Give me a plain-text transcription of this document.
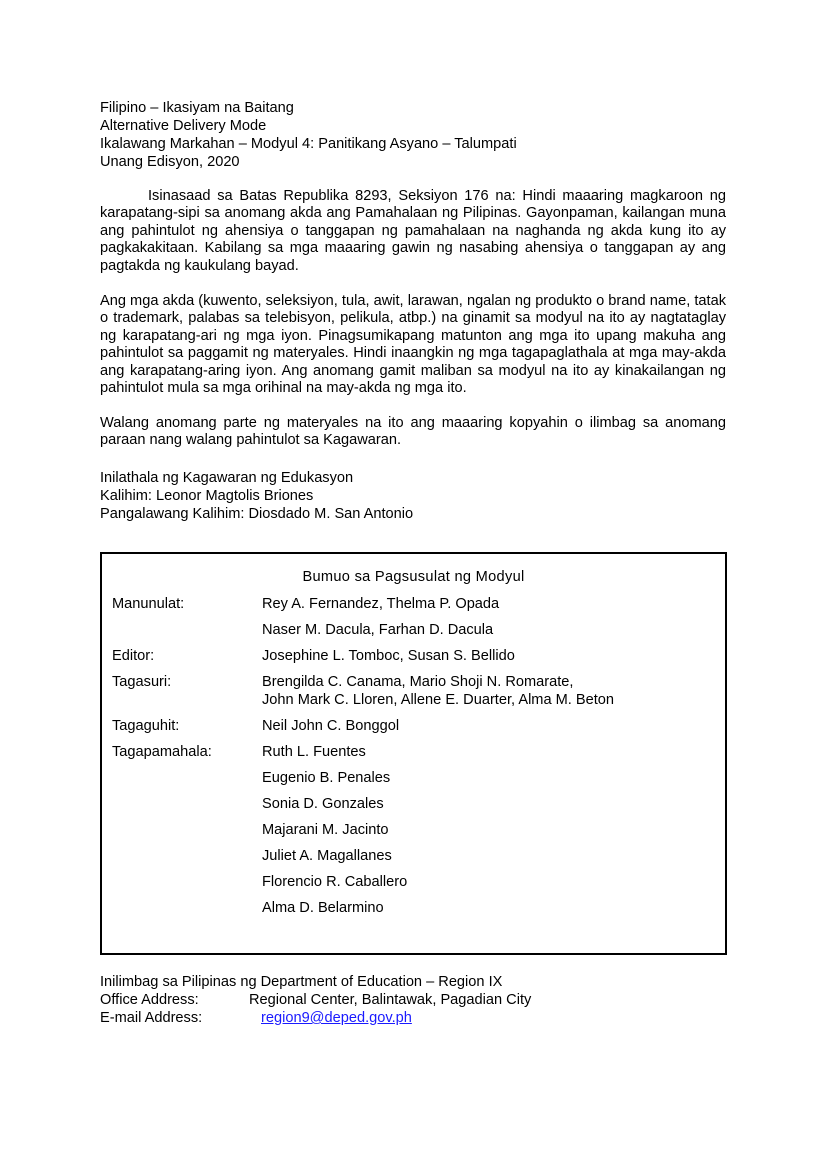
Filipino – Ikasiyam na Baitang
Alternative Delivery Mode
Ikalawang Markahan – Modyul 4: Panitikang Asyano – Talumpati
Unang Edisyon, 2020

Isinasaad sa Batas Republika 8293, Seksiyon 176 na: Hindi maaaring magkaroon ng karapatang-sipi sa anomang akda ang Pamahalaan ng Pilipinas. Gayonpaman, kailangan muna ang pahintulot ng ahensiya o tanggapan ng pamahalaan na naghanda ng akda kung ito ay pagkakakitaan. Kabilang sa mga maaaring gawin ng nasabing ahensiya o tanggapan ay ang pagtakda ng kaukulang bayad.

Ang mga akda (kuwento, seleksiyon, tula, awit, larawan, ngalan ng produkto o brand name, tatak o trademark, palabas sa telebisyon, pelikula, atbp.) na ginamit sa modyul na ito ay nagtataglay ng karapatang-ari ng mga iyon. Pinagsumikapang matunton ang mga ito upang makuha ang pahintulot sa paggamit ng materyales. Hindi inaangkin ng mga tagapaglathala at mga may-akda ang karapatang-aring iyon. Ang anomang gamit maliban sa modyul na ito ay kinakailangan ng pahintulot mula sa mga orihinal na may-akda ng mga ito.

Walang anomang parte ng materyales na ito ang maaaring kopyahin o ilimbag sa anomang paraan nang walang pahintulot sa Kagawaran.

Inilathala ng Kagawaran ng Edukasyon
Kalihim: Leonor Magtolis Briones
Pangalawang Kalihim: Diosdado M. San Antonio
Bumuo sa Pagsusulat ng Modyul
Manunulat:	Rey A. Fernandez, Thelma P. Opada
Naser M. Dacula, Farhan D. Dacula
Editor:	Josephine L. Tomboc, Susan S. Bellido
Tagasuri:	Brengilda C. Canama, Mario Shoji N. Romarate,
John Mark C. Lloren, Allene E. Duarter, Alma M. Beton
Tagaguhit:	Neil John C. Bonggol
Tagapamahala:	Ruth L. Fuentes
Eugenio B. Penales
Sonia D. Gonzales
Majarani M. Jacinto
Juliet A. Magallanes
Florencio R. Caballero
Alma D. Belarmino
Inilimbag sa Pilipinas ng Department of Education – Region IX
Office Address:	Regional Center, Balintawak, Pagadian City
E-mail Address:	region9@deped.gov.ph
